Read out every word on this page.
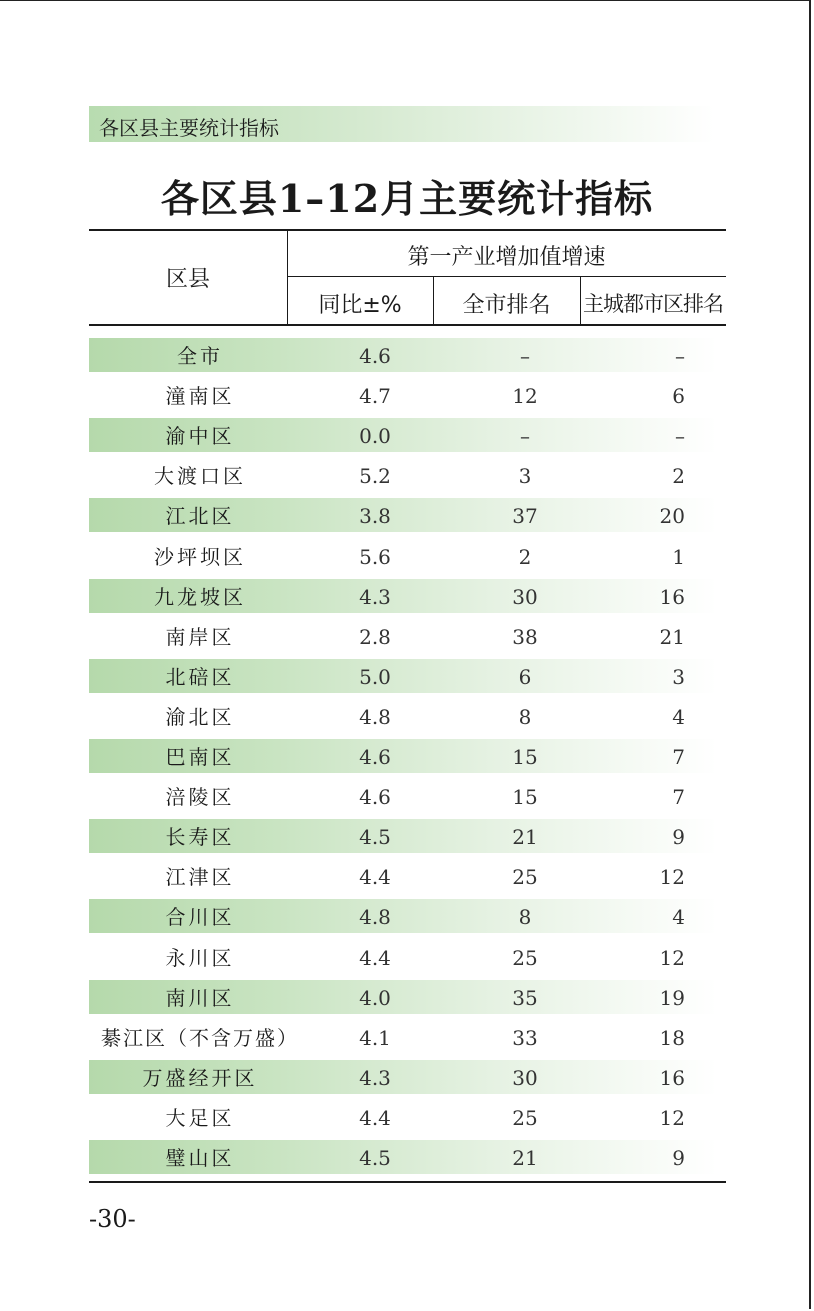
各区县主要统计指标
各区县1–12月主要统计指标
区县
第一产业增加值增速
同比±%	全市排名	主城都市区排名
全市	4.6	–	–
潼南区	4.7	12	6
渝中区	0.0	–	–
大渡口区	5.2	3	2
江北区	3.8	37	20
沙坪坝区	5.6	2	1
九龙坡区	4.3	30	16
南岸区	2.8	38	21
北碚区	5.0	6	3
渝北区	4.8	8	4
巴南区	4.6	15	7
涪陵区	4.6	15	7
长寿区	4.5	21	9
江津区	4.4	25	12
合川区	4.8	8	4
永川区	4.4	25	12
南川区	4.0	35	19
綦江区（不含万盛）	4.1	33	18
万盛经开区	4.3	30	16
大足区	4.4	25	12
璧山区	4.5	21	9
-30-
